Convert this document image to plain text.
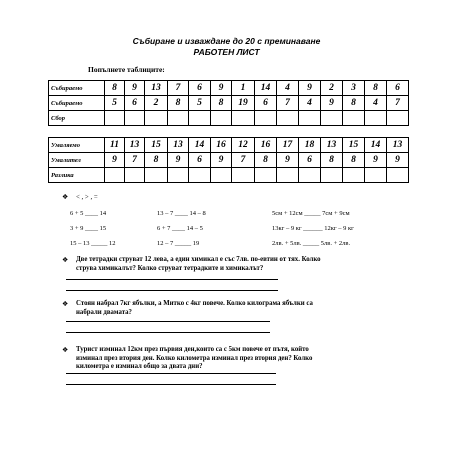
Събиране и изваждане до 20 с преминаване
РАБОТЕН ЛИСТ
Попълнете таблиците:
Събираемо	8	9	13	7	6	9	1	14	4	9	2	3	8	6
Събираемо	5	6	2	8	5	8	19	6	7	4	9	8	4	7
Сбор														
Умаляемо	11	13	15	13	14	16	12	16	17	18	13	15	14	13
Умалител	9	7	8	9	6	9	7	8	9	6	8	8	9	9
Разлика														
❖ < , > , =
6 + 5 ____ 14	13 – 7 ____ 14 – 8	5см + 12см _____ 7см + 9см
3 + 9 ____ 15	6 + 7 ____ 14 – 5	13кг – 9 кг ______ 12кг – 9 кг
15 – 13 _____ 12	12 – 7 _____ 19	2лв. + 5лв. _____ 5лв. + 2лв.
❖ Две тетрадки струват 12 лева, а един химикал е със 7лв. по-евтин от тях. Колко
струва химикалът? Колко струват тетрадките и химикалът?
❖ Стоян набрал 7кг ябълки, а Митко с 4кг повече. Колко килограма ябълки са
набрали двамата?
❖ Турист изминал 12км през първия ден,които са с 5км повече от пътя, който
изминал през втория ден. Колко километра изминал през втория ден? Колко
километра е изминал общо за двата дни?
